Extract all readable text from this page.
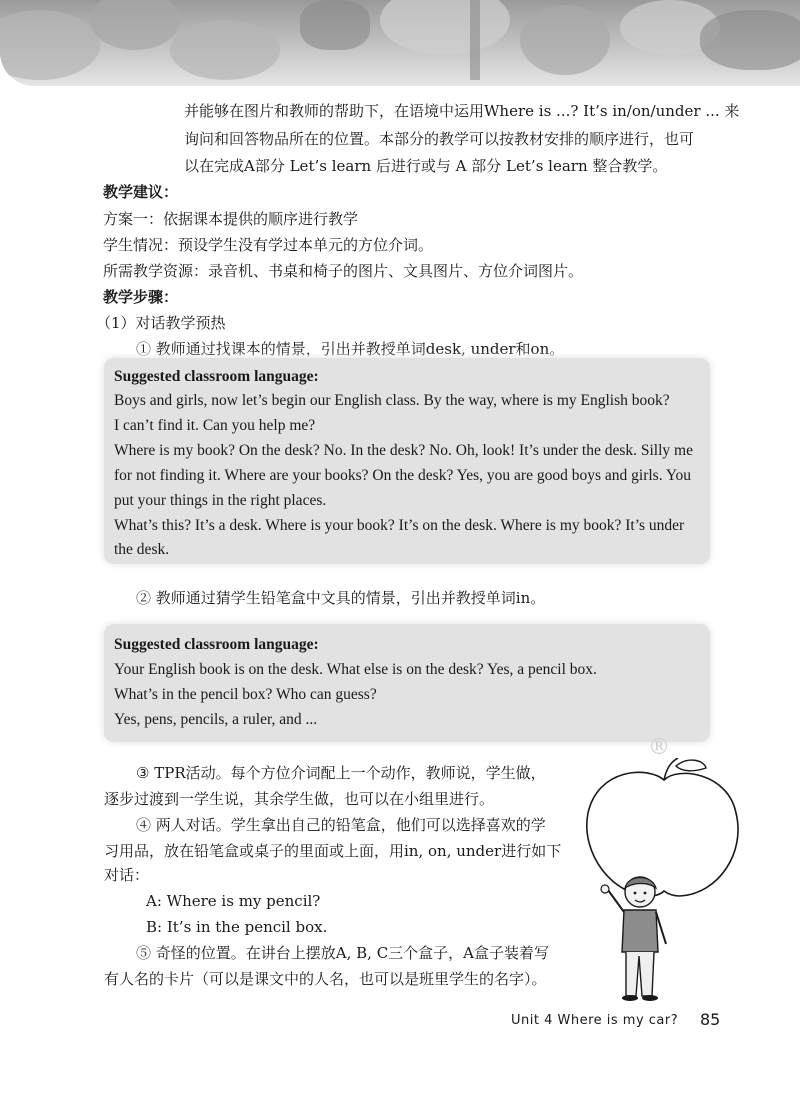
并能够在图片和教师的帮助下，在语境中运用Where is ...? It’s in/on/under ... 来
询问和回答物品所在的位置。本部分的教学可以按教材安排的顺序进行，也可
以在完成A部分 Let’s learn 后进行或与 A 部分 Let’s learn 整合教学。
教学建议：
方案一：依据课本提供的顺序进行教学
学生情况：预设学生没有学过本单元的方位介词。
所需教学资源：录音机、书桌和椅子的图片、文具图片、方位介词图片。
教学步骤：
（1）对话教学预热
① 教师通过找课本的情景，引出并教授单词desk, under和on。
Suggested classroom language:
Boys and girls, now let’s begin our English class. By the way, where is my English book?
I can’t find it. Can you help me?
Where is my book? On the desk? No. In the desk? No. Oh, look! It’s under the desk. Silly me
for not finding it. Where are your books? On the desk? Yes, you are good boys and girls. You
put your things in the right places.
What’s this? It’s a desk. Where is your book? It’s on the desk. Where is my book? It’s under
the desk.
② 教师通过猜学生铅笔盒中文具的情景，引出并教授单词in。
Suggested classroom language:
Your English book is on the desk. What else is on the desk? Yes, a pencil box.
What’s in the pencil box? Who can guess?
Yes, pens, pencils, a ruler, and ...
®
③ TPR活动。每个方位介词配上一个动作，教师说，学生做，
逐步过渡到一学生说，其余学生做，也可以在小组里进行。
④ 两人对话。学生拿出自己的铅笔盒，他们可以选择喜欢的学
习用品，放在铅笔盒或桌子的里面或上面，用in, on, under进行如下
对话：
A: Where is my pencil?
B: It’s in the pencil box.
⑤ 奇怪的位置。在讲台上摆放A, B, C三个盒子，A盒子装着写
有人名的卡片（可以是课文中的人名，也可以是班里学生的名字）。
Unit 4 Where is my car? 85
